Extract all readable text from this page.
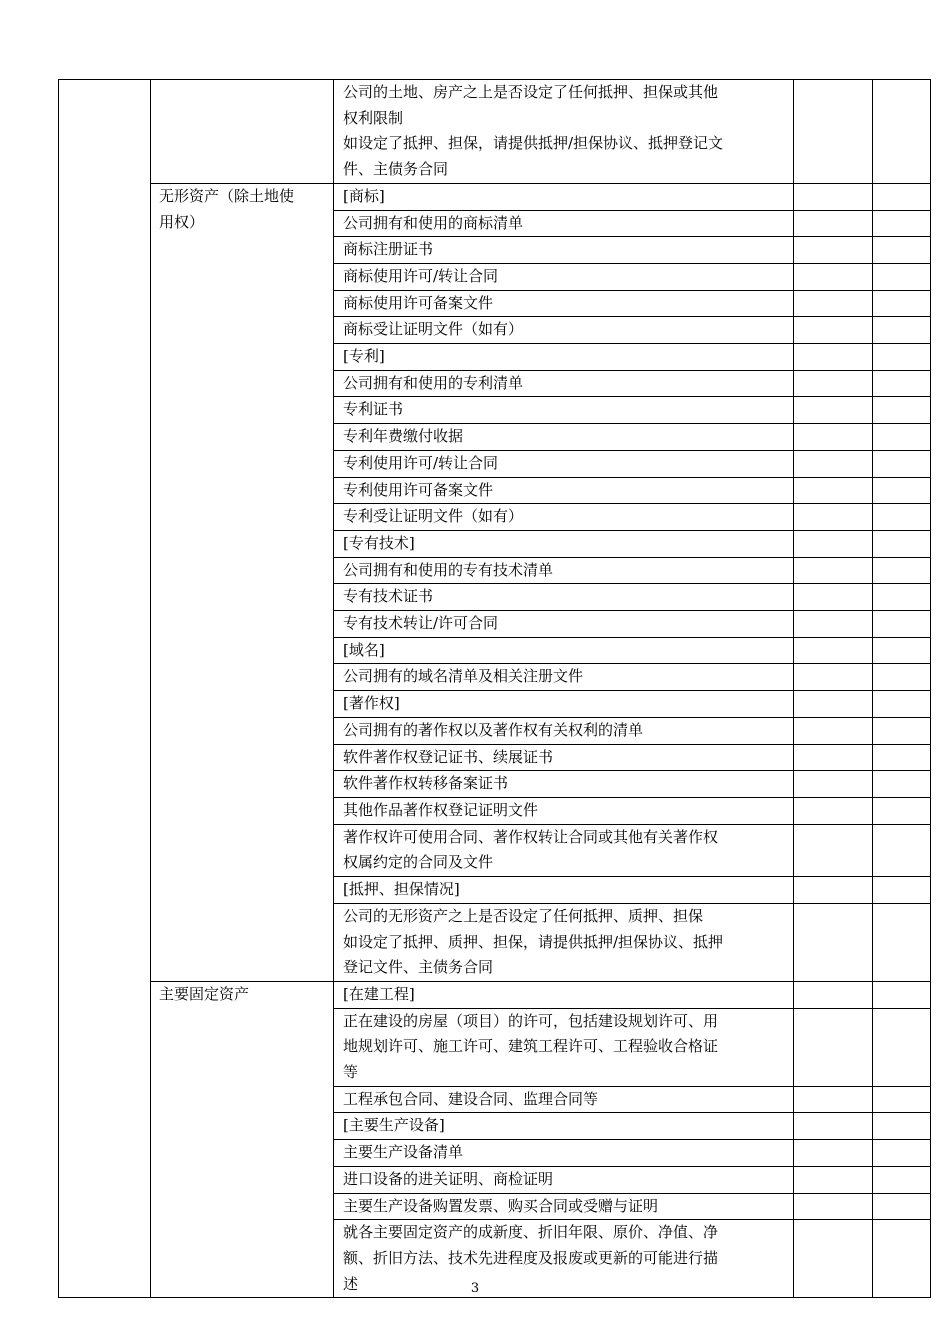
		公司的土地、房产之上是否设定了任何抵押、担保或其他
权利限制
如设定了抵押、担保，请提供抵押/担保协议、抵押登记文
件、主债务合同		

	无形资产（除土地使
用权）	[商标]		

		公司拥有和使用的商标清单		

		商标注册证书		

		商标使用许可/转让合同		

		商标使用许可备案文件		

		商标受让证明文件（如有）		

		[专利]		

		公司拥有和使用的专利清单		

		专利证书		

		专利年费缴付收据		

		专利使用许可/转让合同		

		专利使用许可备案文件		

		专利受让证明文件（如有）		

		[专有技术]		

		公司拥有和使用的专有技术清单		

		专有技术证书		

		专有技术转让/许可合同		

		[域名]		

		公司拥有的域名清单及相关注册文件		

		[著作权]		

		公司拥有的著作权以及著作权有关权利的清单		

		软件著作权登记证书、续展证书		

		软件著作权转移备案证书		

		其他作品著作权登记证明文件		

		著作权许可使用合同、著作权转让合同或其他有关著作权
权属约定的合同及文件		

		[抵押、担保情况]		

		公司的无形资产之上是否设定了任何抵押、质押、担保
如设定了抵押、质押、担保，请提供抵押/担保协议、抵押
登记文件、主债务合同		

	主要固定资产	[在建工程]		

		正在建设的房屋（项目）的许可，包括建设规划许可、用
地规划许可、施工许可、建筑工程许可、工程验收合格证
等		

		工程承包合同、建设合同、监理合同等		

		[主要生产设备]		

		主要生产设备清单		

		进口设备的进关证明、商检证明		

		主要生产设备购置发票、购买合同或受赠与证明		

		就各主要固定资产的成新度、折旧年限、原价、净值、净
额、折旧方法、技术先进程度及报废或更新的可能进行描
述		
			3
